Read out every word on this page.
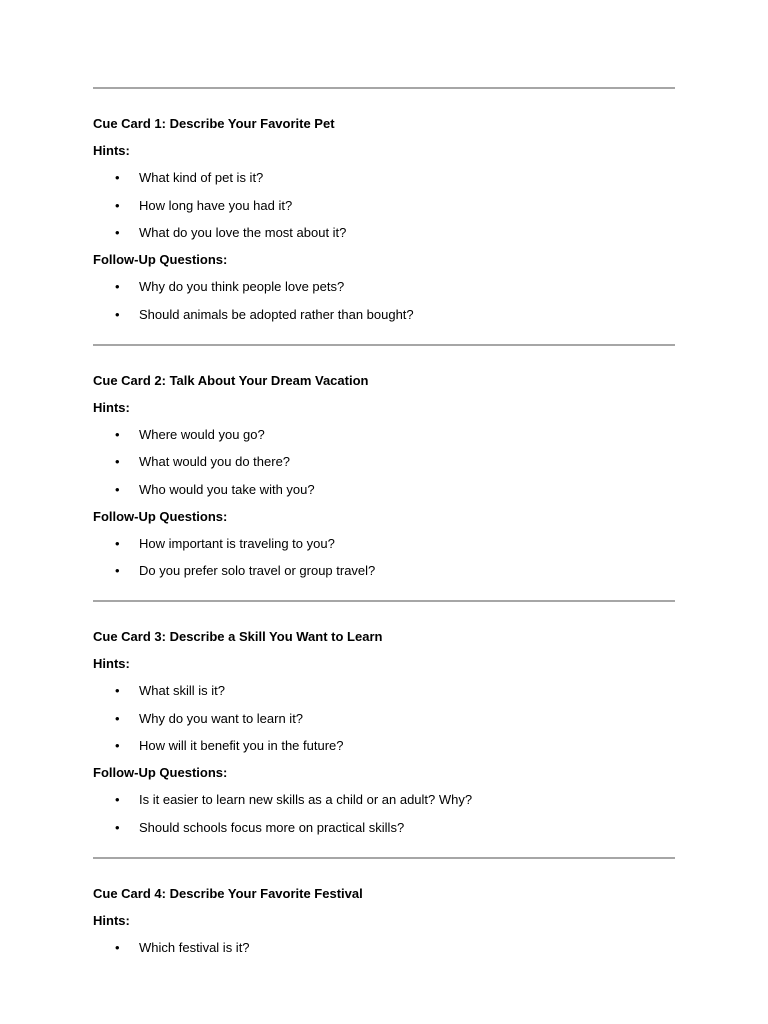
Cue Card 1: Describe Your Favorite Pet

Hints:

• What kind of pet is it?
• How long have you had it?
• What do you love the most about it?

Follow-Up Questions:

• Why do you think people love pets?
• Should animals be adopted rather than bought?

Cue Card 2: Talk About Your Dream Vacation

Hints:

• Where would you go?
• What would you do there?
• Who would you take with you?

Follow-Up Questions:

• How important is traveling to you?
• Do you prefer solo travel or group travel?

Cue Card 3: Describe a Skill You Want to Learn

Hints:

• What skill is it?
• Why do you want to learn it?
• How will it benefit you in the future?

Follow-Up Questions:

• Is it easier to learn new skills as a child or an adult? Why?
• Should schools focus more on practical skills?

Cue Card 4: Describe Your Favorite Festival

Hints:

• Which festival is it?
